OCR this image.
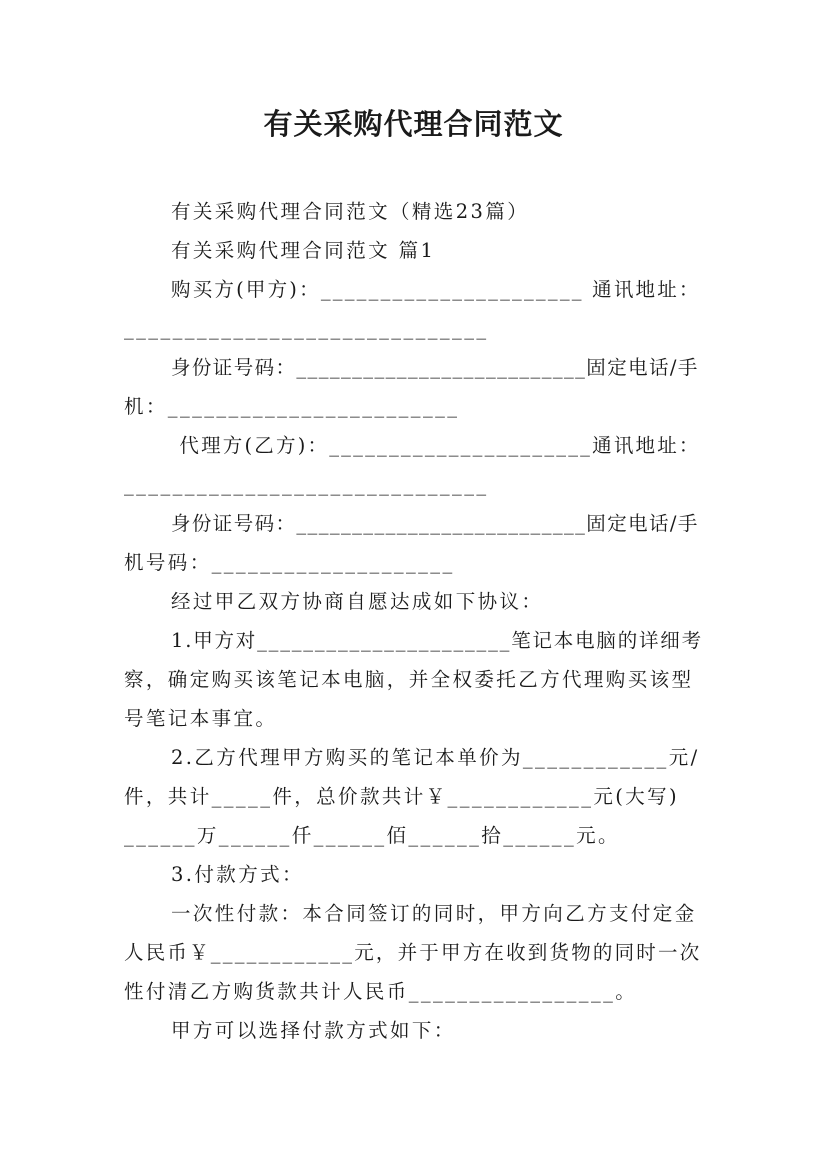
有关采购代理合同范文
有关采购代理合同范文（精选23篇）
有关采购代理合同范文 篇1
购买方(甲方)：______________________ 通讯地址：
______________________________
身份证号码：__________________________固定电话/手
机：________________________
代理方(乙方)：______________________通讯地址：
______________________________
身份证号码：__________________________固定电话/手
机号码：____________________
经过甲乙双方协商自愿达成如下协议：
1.甲方对______________________笔记本电脑的详细考
察，确定购买该笔记本电脑，并全权委托乙方代理购买该型
号笔记本事宜。
2.乙方代理甲方购买的笔记本单价为____________元/
件，共计_____件，总价款共计￥____________元(大写)
______万______仟______佰______拾______元。
3.付款方式：
一次性付款：本合同签订的同时，甲方向乙方支付定金
人民币￥____________元，并于甲方在收到货物的同时一次
性付清乙方购货款共计人民币_________________。
甲方可以选择付款方式如下：
